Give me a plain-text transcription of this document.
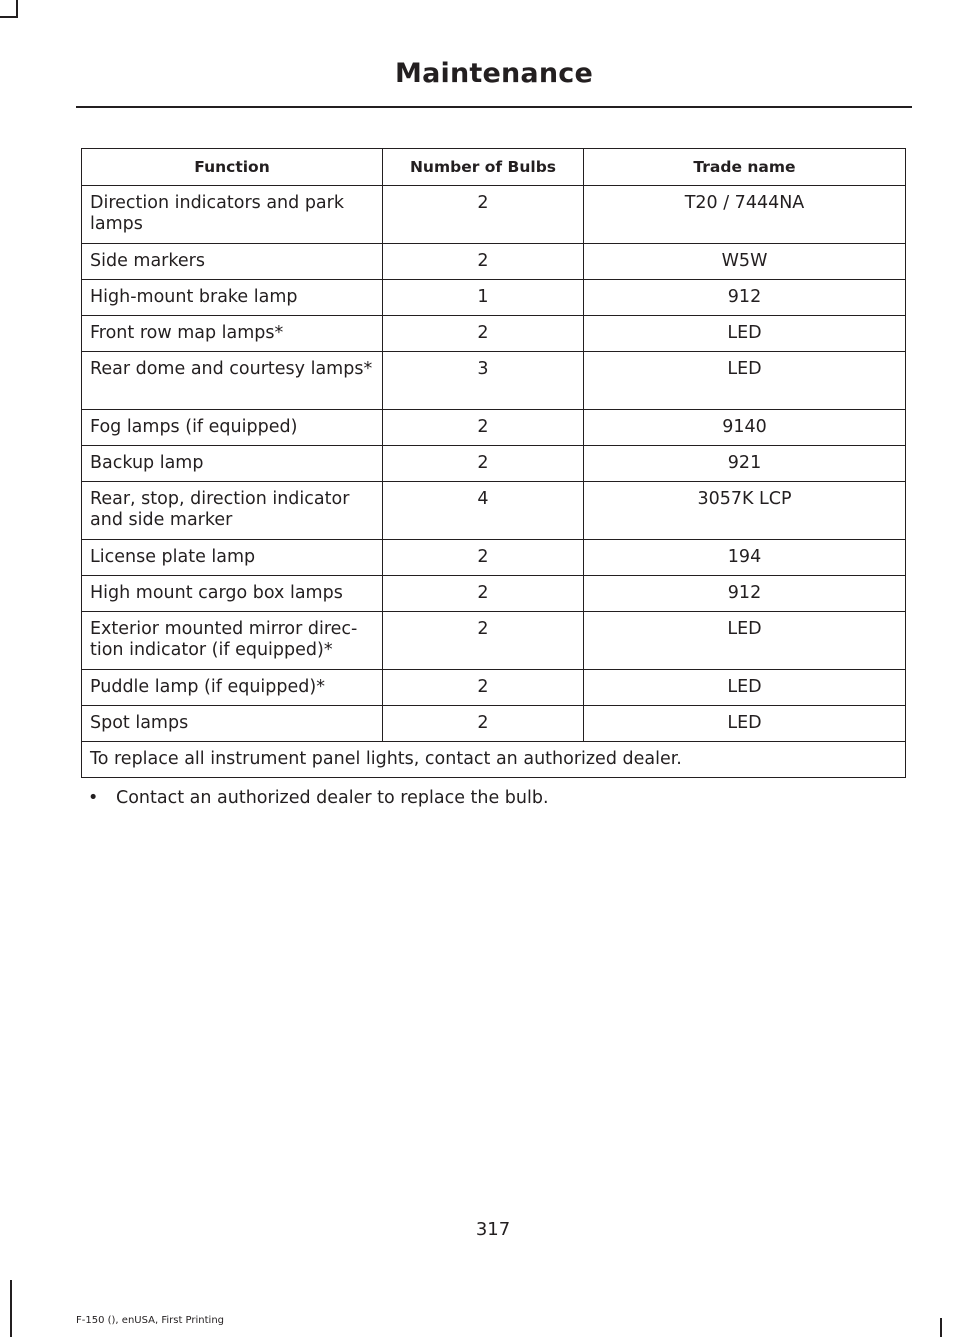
Maintenance
Function	Number of Bulbs	Trade name
Direction indicators and park lamps	2	T20 / 7444NA
Side markers	2	W5W
High-mount brake lamp	1	912
Front row map lamps*	2	LED
Rear dome and courtesy lamps*	3	LED
Fog lamps (if equipped)	2	9140
Backup lamp	2	921
Rear, stop, direction indicator and side marker	4	3057K LCP
License plate lamp	2	194
High mount cargo box lamps	2	912
Exterior mounted mirror direc-tion indicator (if equipped)*	2	LED
Puddle lamp (if equipped)*	2	LED
Spot lamps	2	LED
To replace all instrument panel lights, contact an authorized dealer.		
• Contact an authorized dealer to replace the bulb.
317
F-150 (), enUSA, First Printing
